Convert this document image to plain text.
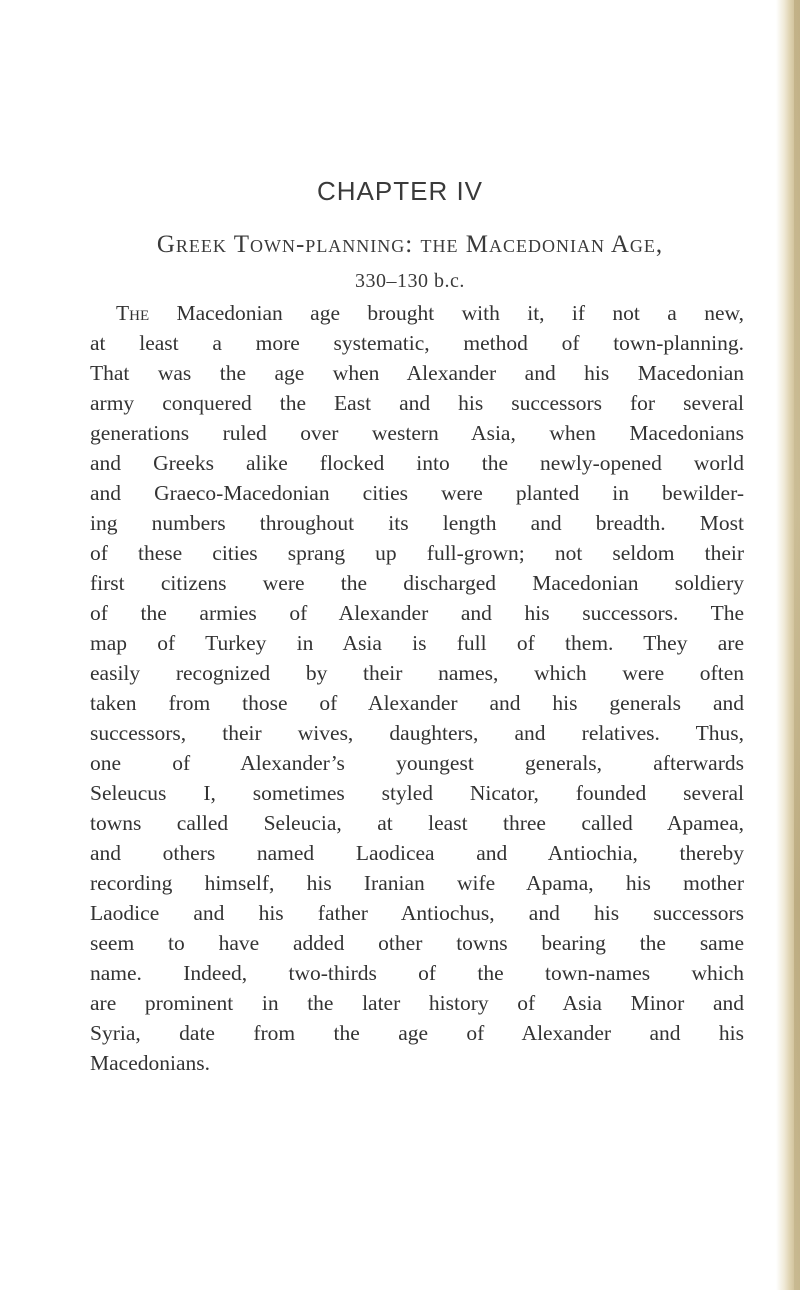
CHAPTER IV
Greek Town-planning: the Macedonian Age,
330–130 b.c.
The Macedonian age brought with it, if not a new,
at least a more systematic, method of town-planning.
That was the age when Alexander and his Macedonian
army conquered the East and his successors for several
generations ruled over western Asia, when Macedonians
and Greeks alike flocked into the newly-opened world
and Graeco-Macedonian cities were planted in bewilder-
ing numbers throughout its length and breadth. Most
of these cities sprang up full-grown; not seldom their
first citizens were the discharged Macedonian soldiery
of the armies of Alexander and his successors. The
map of Turkey in Asia is full of them. They are
easily recognized by their names, which were often
taken from those of Alexander and his generals and
successors, their wives, daughters, and relatives. Thus,
one of Alexander’s youngest generals, afterwards
Seleucus I, sometimes styled Nicator, founded several
towns called Seleucia, at least three called Apamea,
and others named Laodicea and Antiochia, thereby
recording himself, his Iranian wife Apama, his mother
Laodice and his father Antiochus, and his successors
seem to have added other towns bearing the same
name. Indeed, two-thirds of the town-names which
are prominent in the later history of Asia Minor and
Syria, date from the age of Alexander and his
Macedonians.
